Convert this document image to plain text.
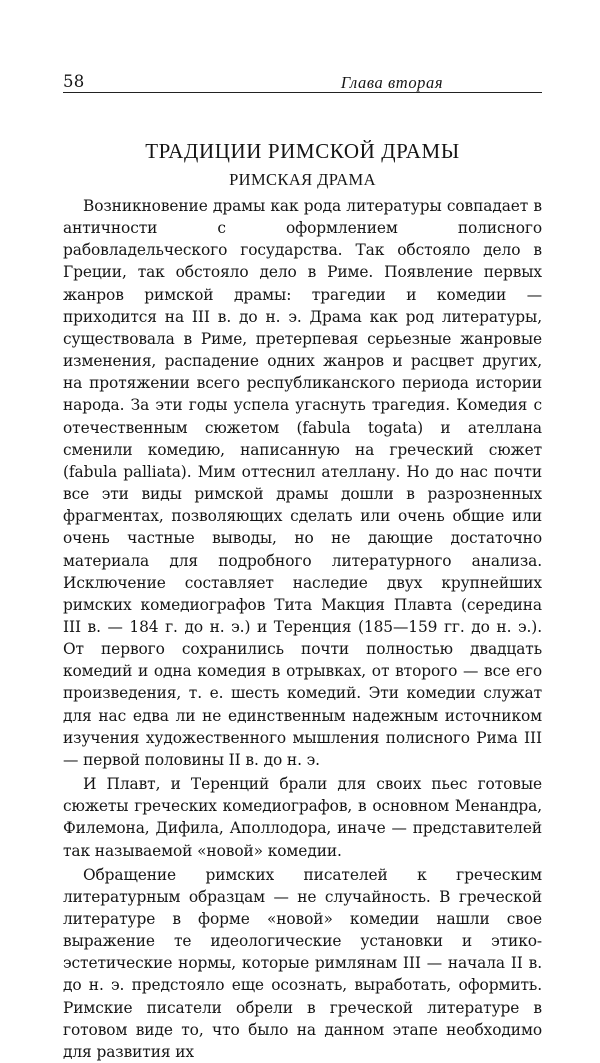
58	Глава вторая
ТРАДИЦИИ РИМСКОЙ ДРАМЫ
РИМСКАЯ ДРАМА

Возникновение драмы как рода литературы совпадает в античности с оформлением полисного рабовладельческого государства. Так обстояло дело в Греции, так обстояло дело в Риме. Появление первых жанров римской драмы: трагедии и комедии — приходится на III в. до н. э. Драма как род литературы, существовала в Риме, претерпевая серьезные жанровые изменения, распадение одних жанров и расцвет других, на протяжении всего республиканского периода истории народа. За эти годы успела угаснуть трагедия. Комедия с отечественным сюжетом (fabula togata) и ателлана сменили комедию, написанную на греческий сюжет (fabula palliata). Мим оттеснил ателлану. Но до нас почти все эти виды римской драмы дошли в разрозненных фрагментах, позволяющих сделать или очень общие или очень частные выводы, но не дающие достаточно материала для подробного литературного анализа. Исключение составляет наследие двух крупнейших римских комедиографов Тита Макция Плавта (середина III в. — 184 г. до н. э.) и Теренция (185—159 гг. до н. э.). От первого сохранились почти полностью двадцать комедий и одна комедия в отрывках, от второго — все его произведения, т. е. шесть комедий. Эти комедии служат для нас едва ли не единственным надежным источником изучения художественного мышления полисного Рима III — первой половины II в. до н. э.

И Плавт, и Теренций брали для своих пьес готовые сюжеты греческих комедиографов, в основном Менандра, Филемона, Дифила, Аполлодора, иначе — представителей так называемой «новой» комедии.

Обращение римских писателей к греческим литературным образцам — не случайность. В греческой литературе в форме «новой» комедии нашли свое выражение те идеологические установки и этико-эстетические нормы, которые римлянам III — начала II в. до н. э. предстояло еще осознать, выработать, оформить. Римские писатели обрели в греческой литературе в готовом виде то, что было на данном этапе необходимо для развития их
